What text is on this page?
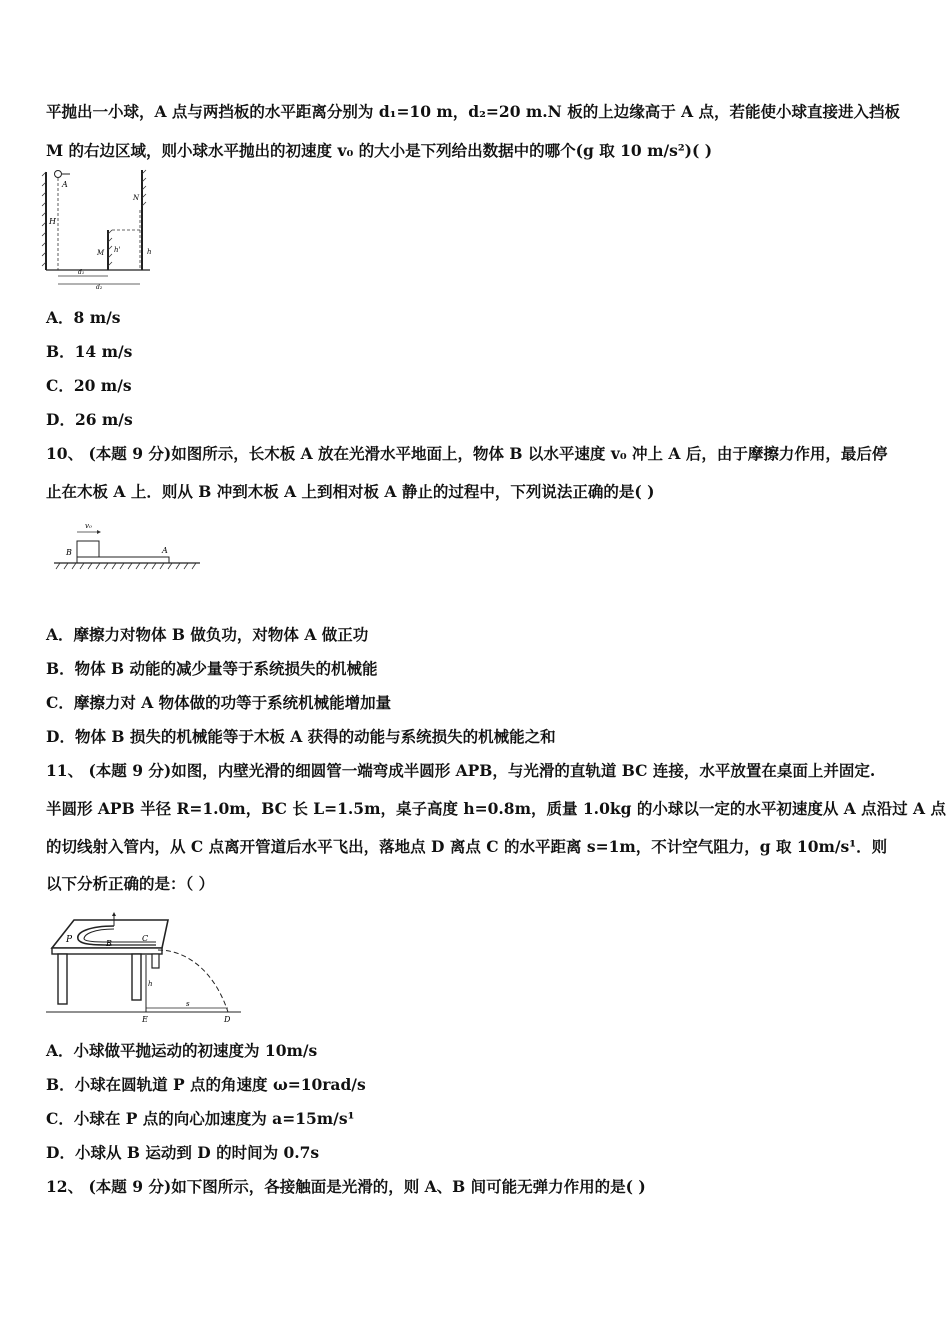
平抛出一小球，A 点与两挡板的水平距离分别为 d₁=10 m，d₂=20 m.N 板的上边缘高于 A 点，若能使小球直接进入挡板
M 的右边区域，则小球水平抛出的初速度 v₀ 的大小是下列给出数据中的哪个(g 取 10 m/s²)( )
A
H
M h'
N
h
d₁
d₂
A．8 m/s
B．14 m/s
C．20 m/s
D．26 m/s
10、 (本题 9 分)如图所示，长木板 A 放在光滑水平地面上，物体 B 以水平速度 v₀ 冲上 A 后，由于摩擦力作用，最后停
止在木板 A 上．则从 B 冲到木板 A 上到相对板 A 静止的过程中，下列说法正确的是( )
v₀
B	A
A．摩擦力对物体 B 做负功，对物体 A 做正功
B．物体 B 动能的减少量等于系统损失的机械能
C．摩擦力对 A 物体做的功等于系统机械能增加量
D．物体 B 损失的机械能等于木板 A 获得的动能与系统损失的机械能之和
11、 (本题 9 分)如图，内壁光滑的细圆管一端弯成半圆形 APB，与光滑的直轨道 BC 连接，水平放置在桌面上并固定.
半圆形 APB 半径 R=1.0m，BC 长 L=1.5m，桌子高度 h=0.8m，质量 1.0kg 的小球以一定的水平初速度从 A 点沿过 A 点
的切线射入管内，从 C 点离开管道后水平飞出，落地点 D 离点 C 的水平距离 s=1m，不计空气阻力，g 取 10m/s¹．则
以下分析正确的是：（ ）
P	B
C
h
s
E	D
A．小球做平抛运动的初速度为 10m/s
B．小球在圆轨道 P 点的角速度 ω=10rad/s
C．小球在 P 点的向心加速度为 a=15m/s¹
D．小球从 B 运动到 D 的时间为 0.7s
12、 (本题 9 分)如下图所示，各接触面是光滑的，则 A、B 间可能无弹力作用的是( )
